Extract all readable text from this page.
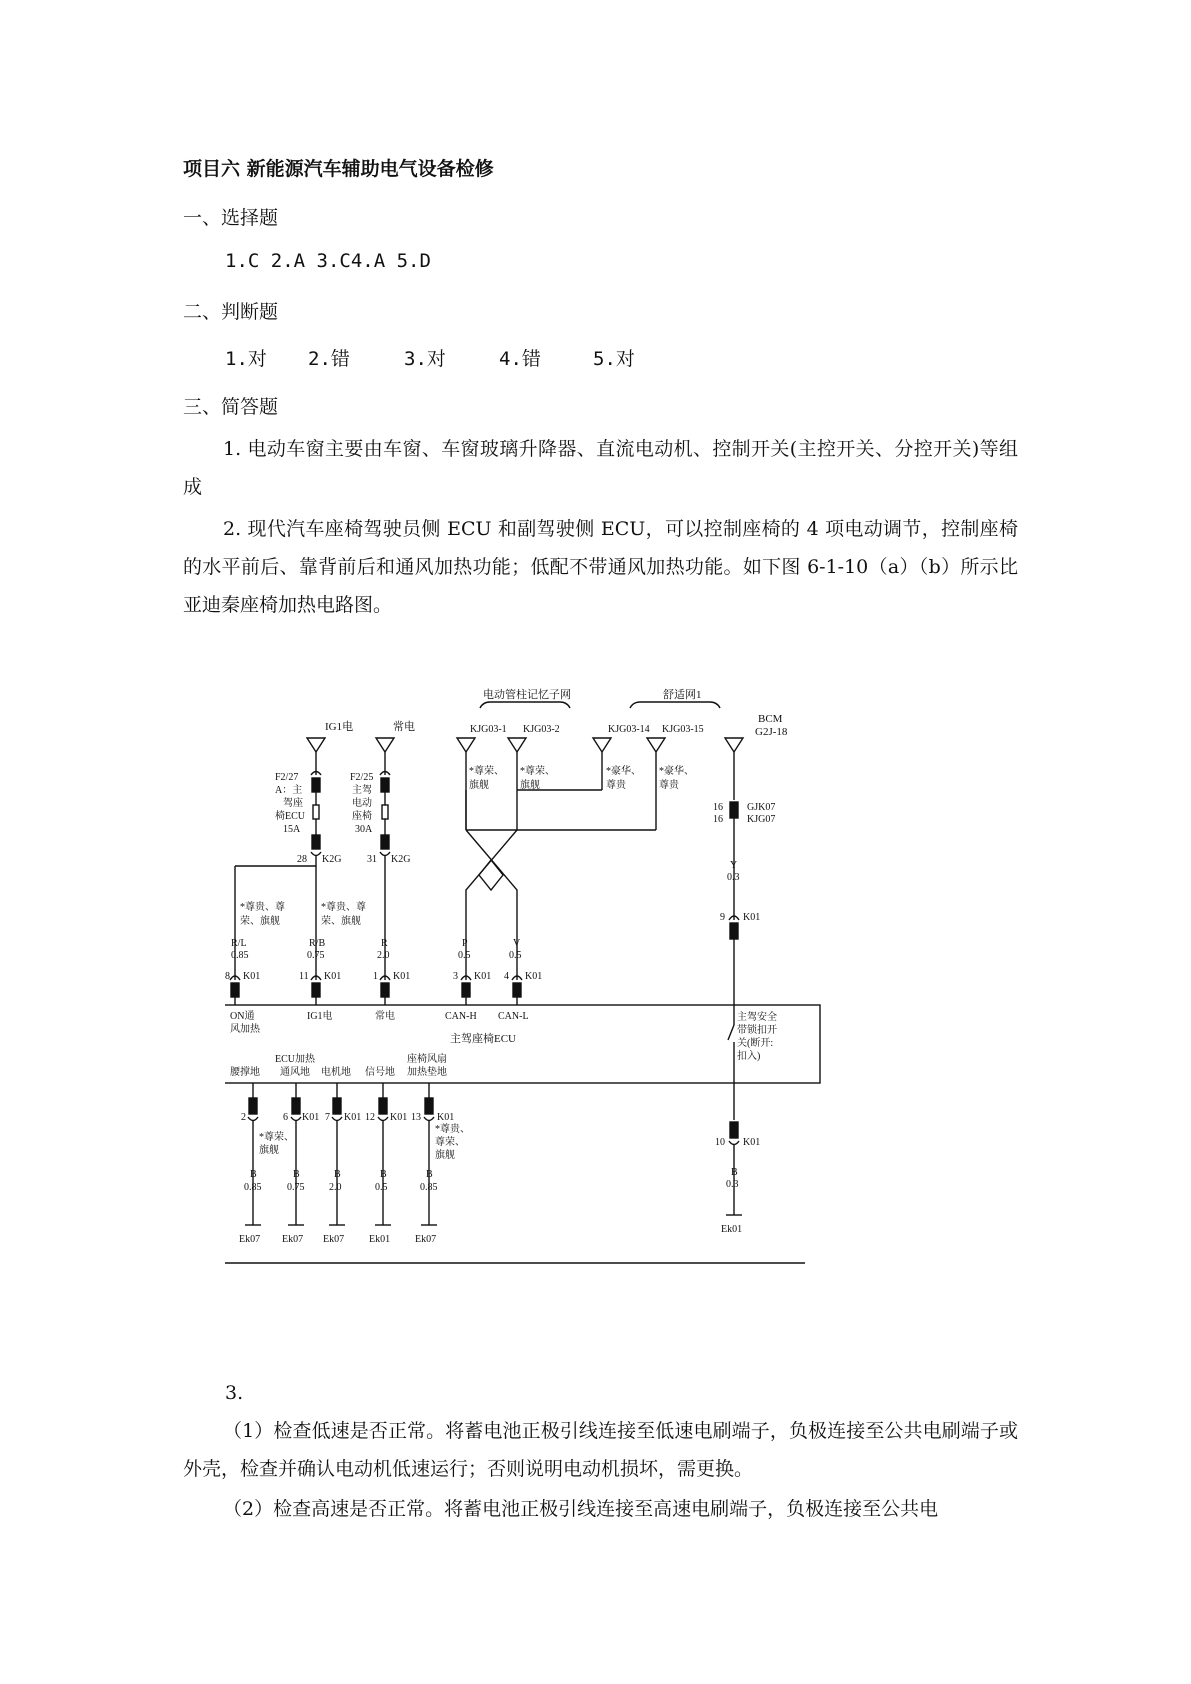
项目六 新能源汽车辅助电气设备检修
一、选择题
1.C 2.A 3.C4.A 5.D
二、判断题
1.对 2.错	3.对	4.错	5.对
三、简答题
1. 电动车窗主要由车窗、车窗玻璃升降器、直流电动机、控制开关(主控开关、分控开关)等组成
2. 现代汽车座椅驾驶员侧 ECU 和副驾驶侧 ECU，可以控制座椅的 4 项电动调节，控制座椅的水平前后、靠背前后和通风加热功能；低配不带通风加热功能。如下图 6-1-10（a）（b）所示比亚迪秦座椅加热电路图。
电动管柱记忆子网	舒适网1
IG1电	常电
BCM
G2J-18
KJG03-1 KJG03-2	KJG03-14 KJG03-15
F2/27
A：主
驾座
椅ECU
15A
F2/25
主驾
电动
座椅
30A
28 K2G	31 K2G
*尊贵、尊
荣、旗舰
*尊贵、尊
荣、旗舰
*尊荣、
旗舰
*尊荣、
旗舰
*豪华、
尊贵
*豪华、
尊贵
R/L
0.85
R/B
0.75
R
2.0
P
0.5
V
0.5
16
16
GJK07
KJG07
Y
0.3
8 K01	11 K01	1 K01	3 K01 4 K01
9 K01
ON通
风加热
IG1电	常电	CAN-H CAN-L
主驾座椅ECU
腰撑地
ECU加热
通风地 电机地 信号地
座椅风扇
加热垫地
主驾安全
带锁扣开
关(断开:
扣入)
2	6 K01 7 K01 12 K01 13 K01
10 K01
*尊荣、
旗舰
*尊贵、
尊荣、
旗舰
B
0.85
Ek07
B
0.75
Ek07
B
2.0
Ek07
B
0.5
Ek01
B
0.85
Ek07
B
0.3
Ek01
3.
（1）检查低速是否正常。将蓄电池正极引线连接至低速电刷端子，负极连接至公共电刷端子或外壳，检查并确认电动机低速运行；否则说明电动机损坏，需更换。
（2）检查高速是否正常。将蓄电池正极引线连接至高速电刷端子，负极连接至公共电
